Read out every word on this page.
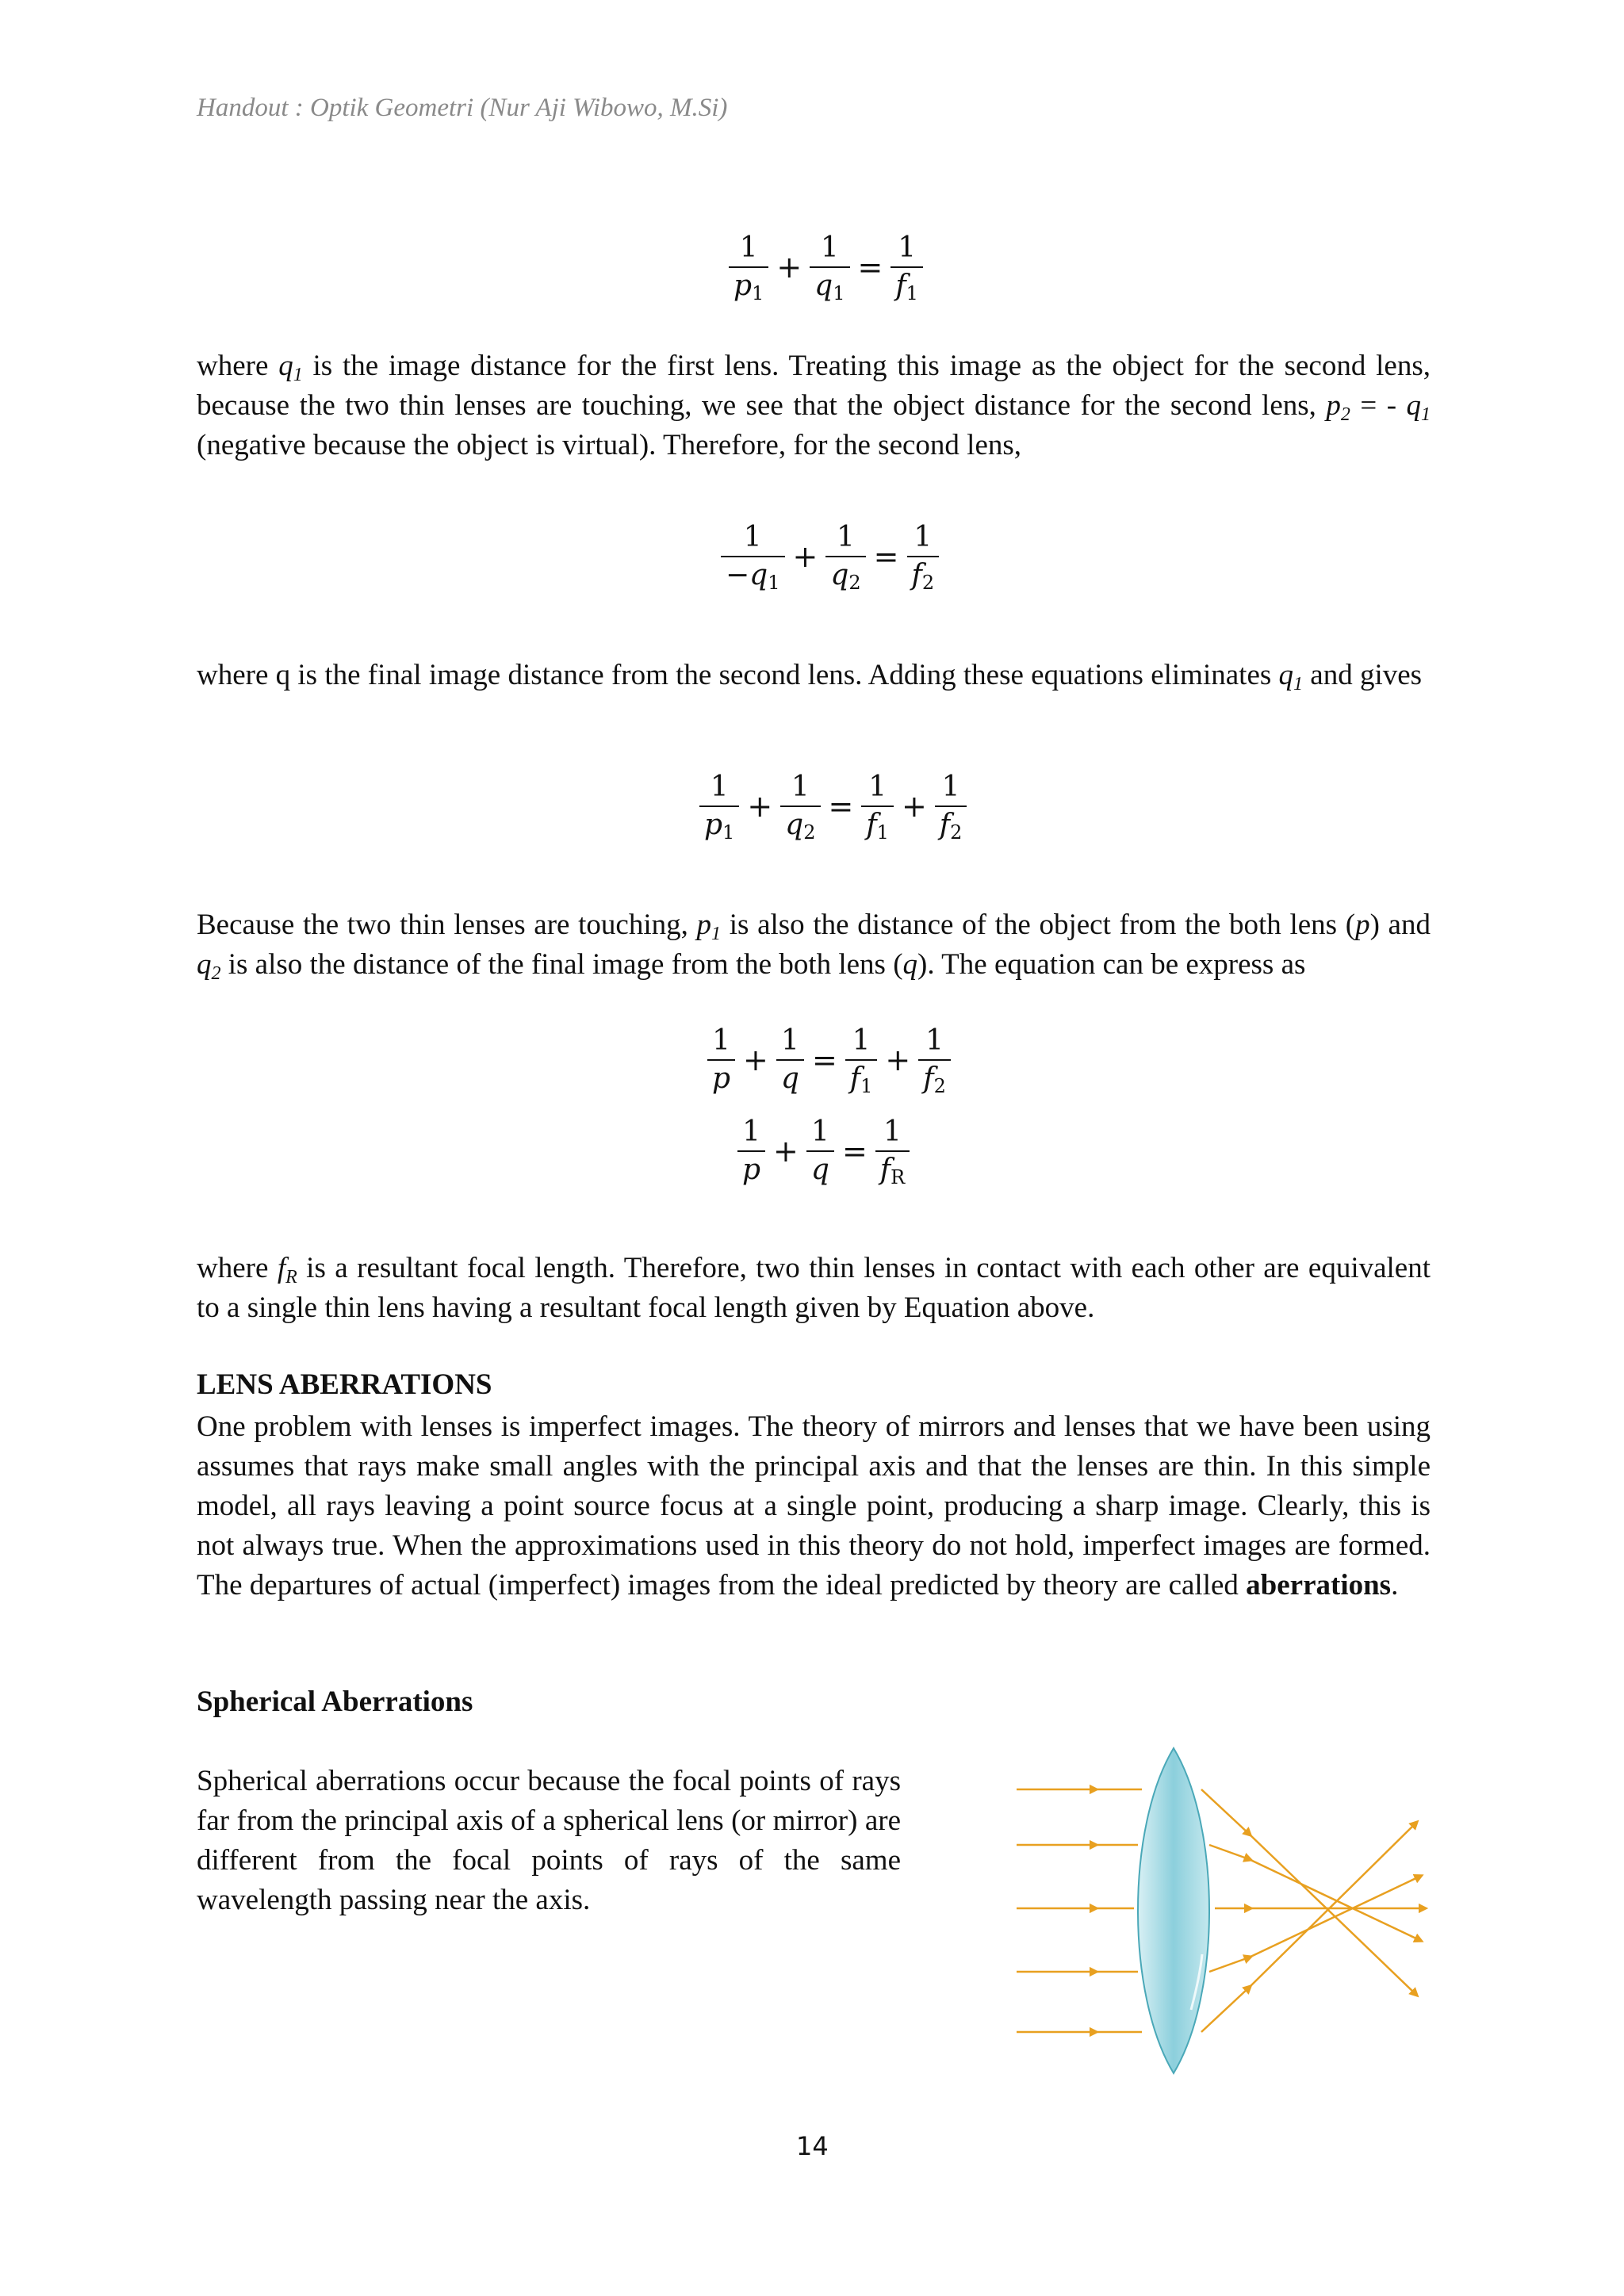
Handout : Optik Geometri (Nur Aji Wibowo, M.Si)
$\frac{1}{p_1} + \frac{1}{q_1} = \frac{1}{f_1}$

where $q_1$ is the image distance for the first lens. Treating this image as the object for the second lens, because the two thin lenses are touching, we see that the object distance for the second lens, $p_2$ = - $q_1$ (negative because the object is virtual). Therefore, for the second lens,

$\frac{1}{-q_1} + \frac{1}{q_2} = \frac{1}{f_2}$

where q is the final image distance from the second lens. Adding these equations eliminates $q_1$ and gives

$\frac{1}{p_1} + \frac{1}{q_2} = \frac{1}{f_1} + \frac{1}{f_2}$

Because the two thin lenses are touching, $p_1$ is also the distance of the object from the both lens (p) and $q_2$ is also the distance of the final image from the both lens (q). The equation can be express as

$\frac{1}{p} + \frac{1}{q} = \frac{1}{f_1} + \frac{1}{f_2}$
$\frac{1}{p} + \frac{1}{q} = \frac{1}{f_R}$

where $f_R$ is a resultant focal length. Therefore, two thin lenses in contact with each other are equivalent to a single thin lens having a resultant focal length given by Equation above.

LENS ABERRATIONS

One problem with lenses is imperfect images. The theory of mirrors and lenses that we have been using assumes that rays make small angles with the principal axis and that the lenses are thin. In this simple model, all rays leaving a point source focus at a single point, producing a sharp image. Clearly, this is not always true. When the approximations used in this theory do not hold, imperfect images are formed. The departures of actual (imperfect) images from the ideal predicted by theory are called aberrations.

Spherical Aberrations

Spherical aberrations occur because the focal points of rays far from the principal axis of a spherical lens (or mirror) are different from the focal points of rays of the same wavelength passing near the axis.

14
